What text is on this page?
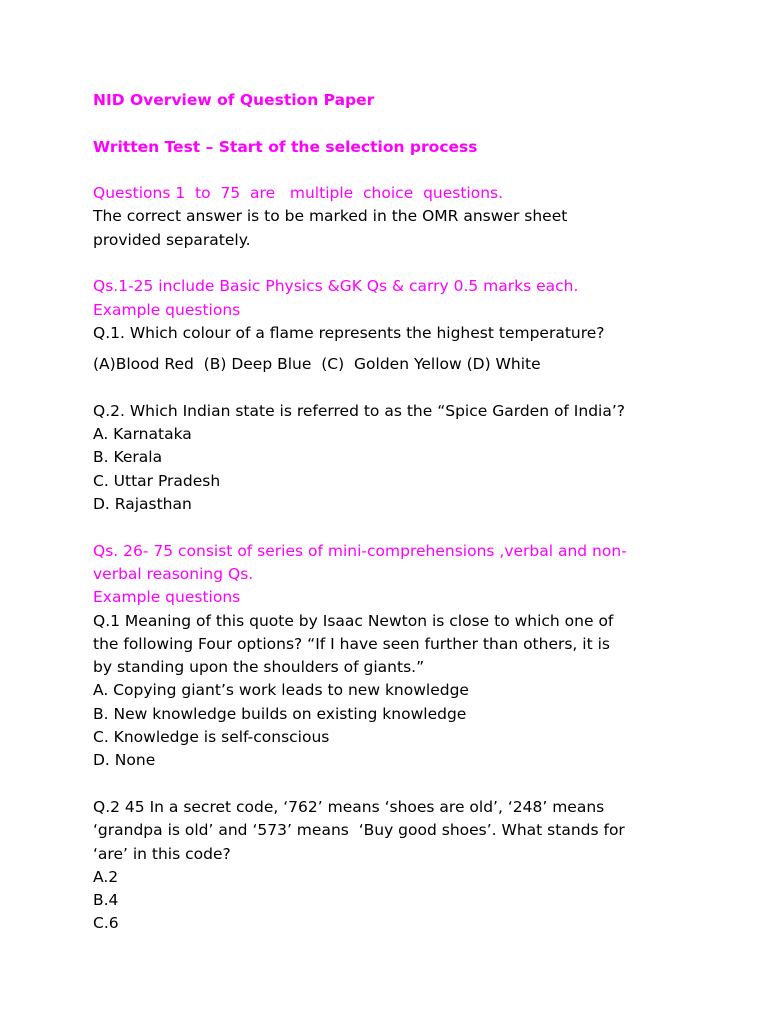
NID Overview of Question Paper
Written Test – Start of the selection process
Questions 1  to  75  are   multiple  choice  questions.
The correct answer is to be marked in the OMR answer sheet
provided separately.
Qs.1-25 include Basic Physics &GK Qs & carry 0.5 marks each.
Example questions
Q.1. Which colour of a flame represents the highest temperature?
(A)Blood Red  (B) Deep Blue  (C)  Golden Yellow (D) White
Q.2. Which Indian state is referred to as the “Spice Garden of India’?
A. Karnataka
B. Kerala
C. Uttar Pradesh
D. Rajasthan
Qs. 26- 75 consist of series of mini-comprehensions ,verbal and non-
verbal reasoning Qs.
Example questions
Q.1 Meaning of this quote by Isaac Newton is close to which one of
the following Four options? “If I have seen further than others, it is
by standing upon the shoulders of giants.”
A. Copying giant’s work leads to new knowledge
B. New knowledge builds on existing knowledge
C. Knowledge is self-conscious
D. None
Q.2 45 In a secret code, ‘762’ means ‘shoes are old’, ‘248’ means
‘grandpa is old’ and ‘573’ means  ‘Buy good shoes’. What stands for
‘are’ in this code?
A.2
B.4
C.6
